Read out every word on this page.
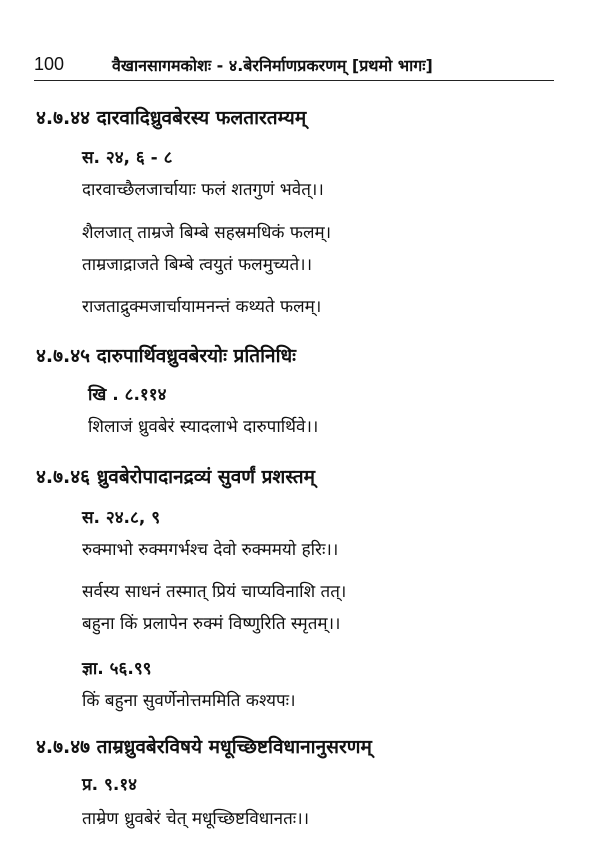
100	वैखानसागमकोशः - ४.बेरनिर्माणप्रकरणम् [प्रथमो भागः]
४.७.४४ दारवादिध्रुवबेरस्य फलतारतम्यम्
स. २४, ६ - ८
दारवाच्छैलजार्चायाः फलं शतगुणं भवेत्।।
शैलजात् ताम्रजे बिम्बे सहस्रमधिकं फलम्।
ताम्रजाद्राजते बिम्बे त्वयुतं फलमुच्यते।।
राजताद्रुक्मजार्चायामनन्तं कथ्यते फलम्।
४.७.४५ दारुपार्थिवध्रुवबेरयोः प्रतिनिधिः
खि . ८.११४
शिलाजं ध्रुवबेरं स्यादलाभे दारुपार्थिवे।।
४.७.४६ ध्रुवबेरोपादानद्रव्यं सुवर्णं प्रशस्तम्
स. २४.८, ९
रुक्माभो रुक्मगर्भश्च देवो रुक्ममयो हरिः।।
सर्वस्य साधनं तस्मात् प्रियं चाप्यविनाशि तत्।
बहुना किं प्रलापेन रुक्मं विष्णुरिति स्मृतम्।।
ज्ञा. ५६.९९
किं बहुना सुवर्णेनोत्तममिति कश्यपः।
४.७.४७ ताम्रध्रुवबेरविषये मधूच्छिष्टविधानानुसरणम्
प्र. ९.१४
ताम्रेण ध्रुवबेरं चेत् मधूच्छिष्टविधानतः।।
